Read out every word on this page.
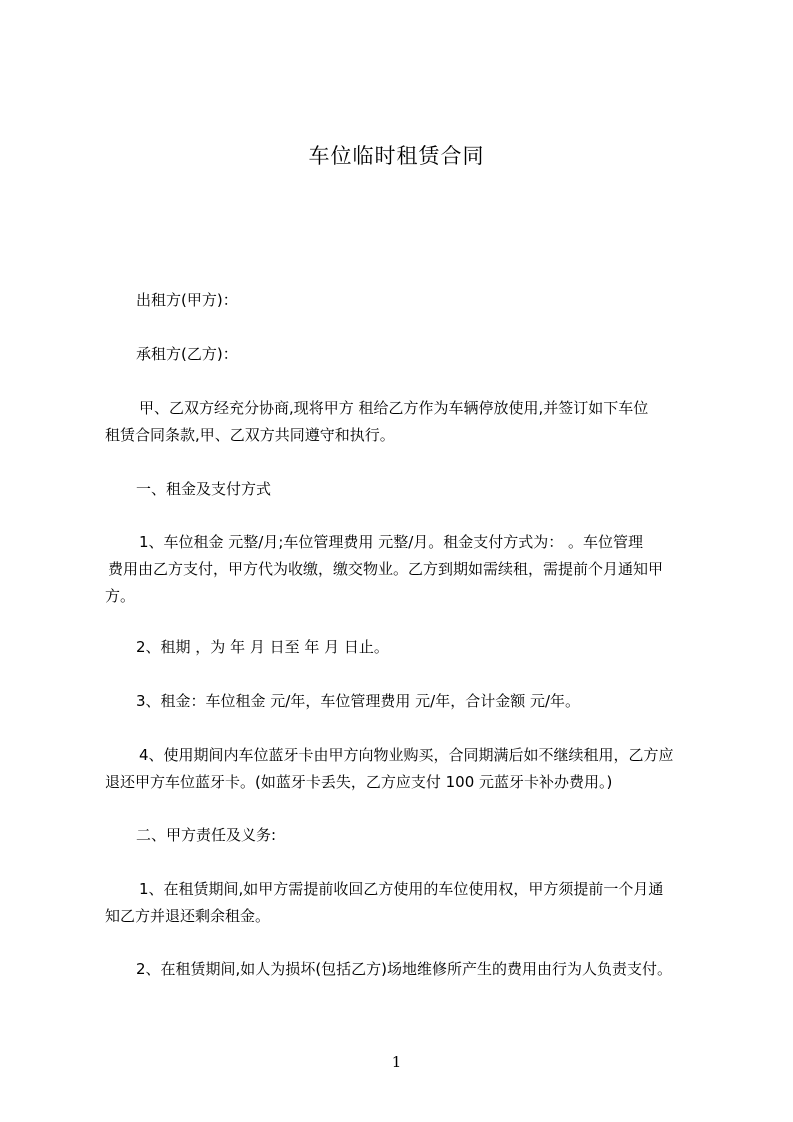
车位临时租赁合同
出租方(甲方)：
承租方(乙方)：
甲、乙双方经充分协商,现将甲方 租给乙方作为车辆停放使用,并签订如下车位
租赁合同条款,甲、乙双方共同遵守和执行。
一、租金及支付方式
1、车位租金 元整/月;车位管理费用 元整/月。租金支付方式为： 。车位管理
费用由乙方支付，甲方代为收缴，缴交物业。乙方到期如需续租，需提前个月通知甲
方。
2、租期 ，为 年 月 日至 年 月 日止。
3、租金：车位租金 元/年，车位管理费用 元/年，合计金额 元/年。
4、使用期间内车位蓝牙卡由甲方向物业购买，合同期满后如不继续租用，乙方应
退还甲方车位蓝牙卡。(如蓝牙卡丢失，乙方应支付 100 元蓝牙卡补办费用。)
二、甲方责任及义务:
1、在租赁期间,如甲方需提前收回乙方使用的车位使用权，甲方须提前一个月通
知乙方并退还剩余租金。
2、在租赁期间,如人为损坏(包括乙方)场地维修所产生的费用由行为人负责支付。
1
